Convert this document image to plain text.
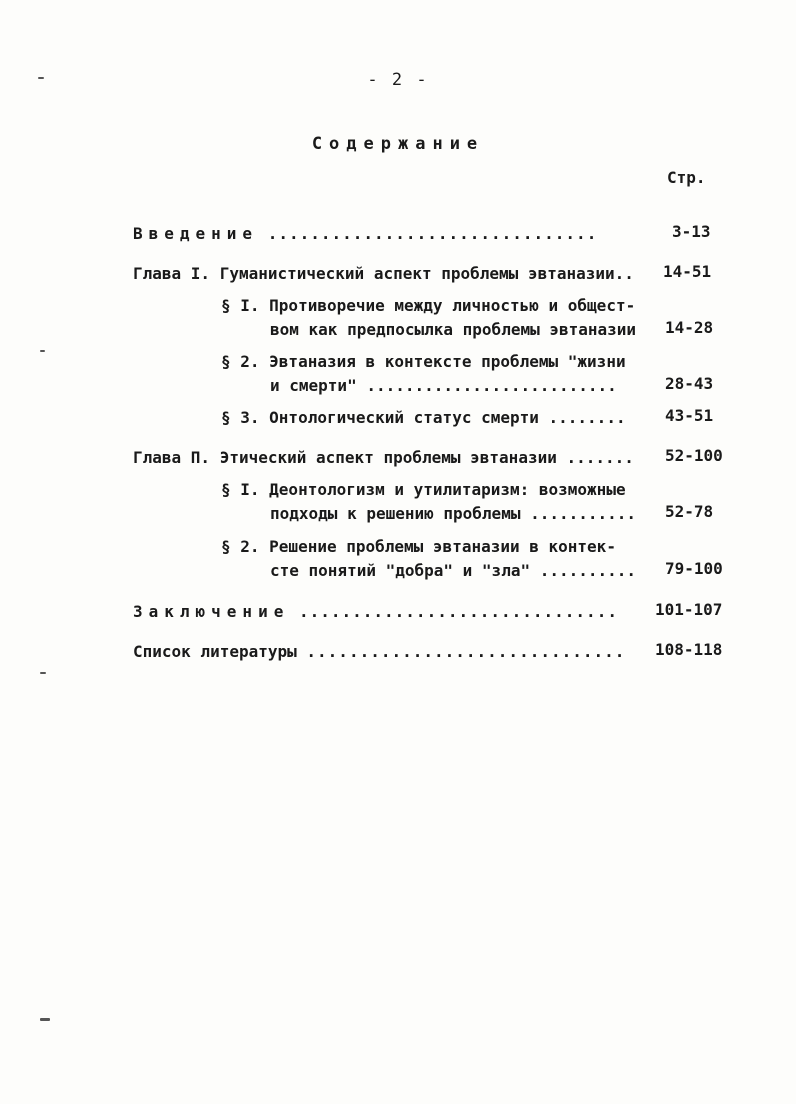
- 2 -
Содержание
Стр.
Введение ...............................	3-13
Глава I. Гуманистический аспект проблемы эвтаназии.. 14-51
§ I. Противоречие между личностью и общест-
вом как предпосылка проблемы эвтаназии 14-28
§ 2. Эвтаназия в контексте проблемы "жизни
и смерти" ..........................	28-43
§ 3. Онтологический статус смерти ........ 43-51
Глава П. Этический аспект проблемы эвтаназии ....... 52-100
§ I. Деонтологизм и утилитаризм: возможные
подходы к решению проблемы ........... 52-78
§ 2. Решение проблемы эвтаназии в контек-
сте понятий "добра" и "зла" .......... 79-100
Заключение .............................. 101-107
Список литературы .............................. 108-118
